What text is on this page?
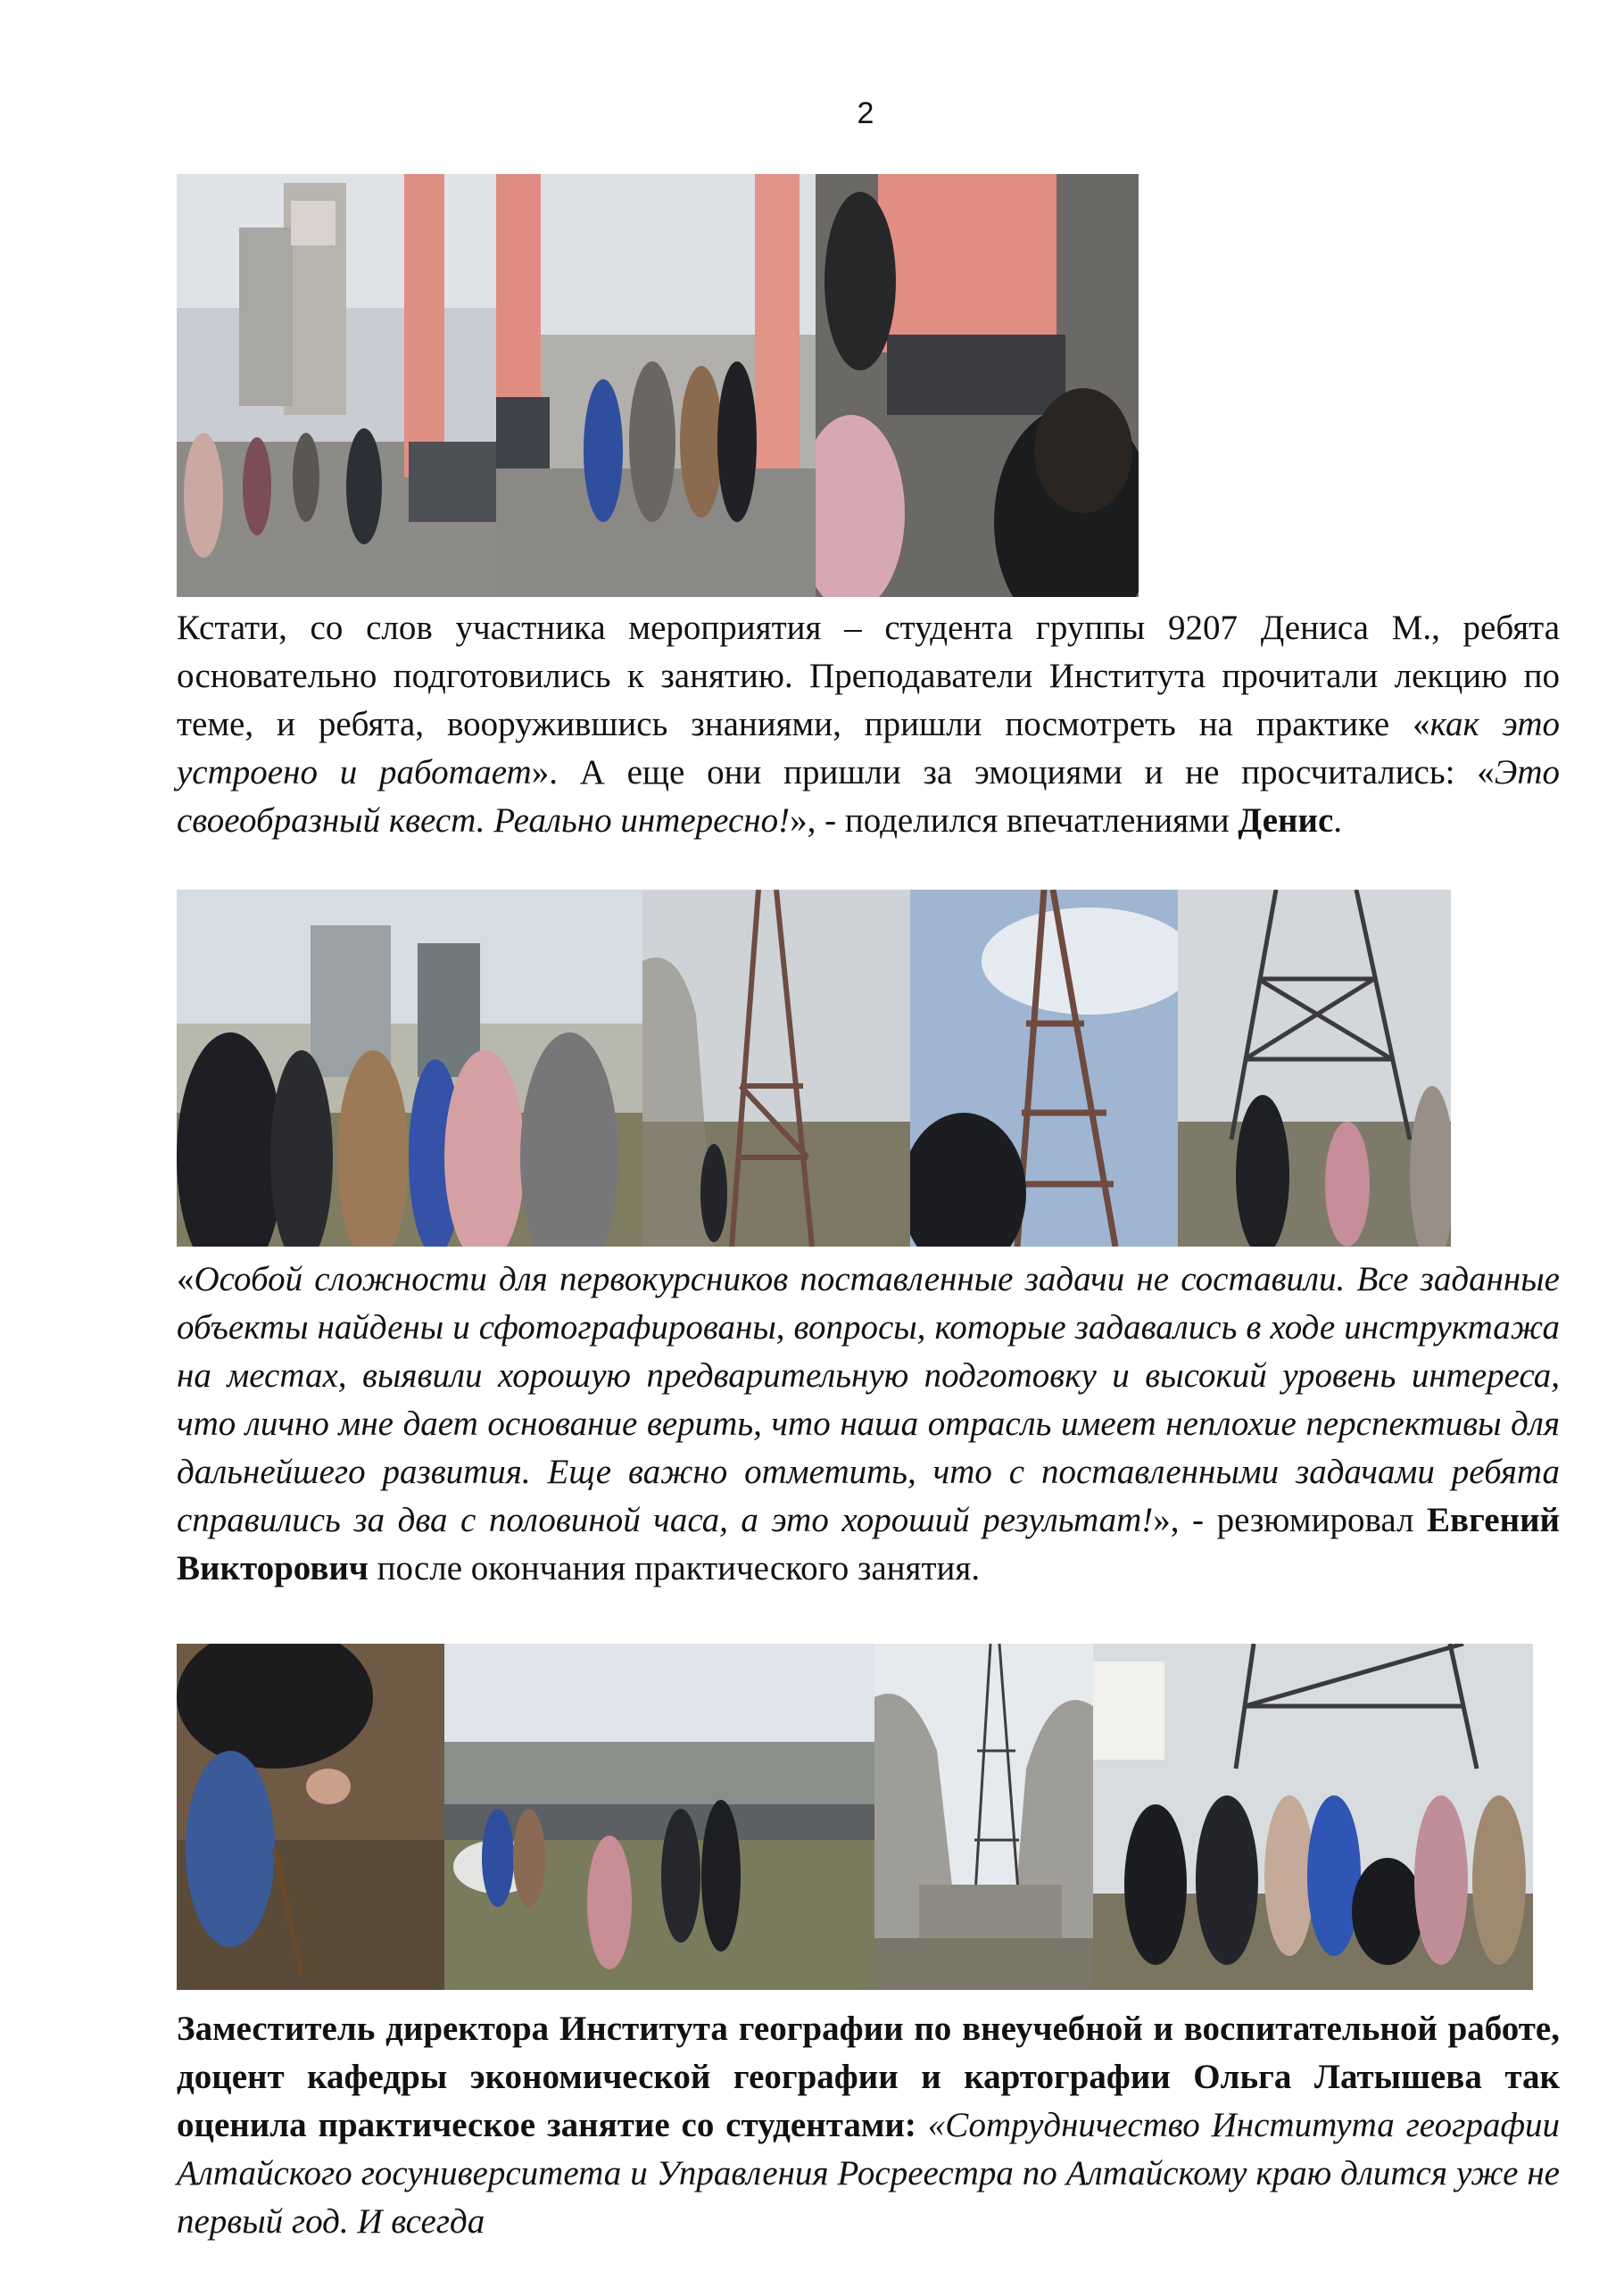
2

Кстати, со слов участника мероприятия – студента группы 9207 Дениса М., ребята основательно подготовились к занятию. Преподаватели Института прочитали лекцию по теме, и ребята, вооружившись знаниями, пришли посмотреть на практике «как это устроено и работает». А еще они пришли за эмоциями и не просчитались: «Это своеобразный квест. Реально интересно!», - поделился впечатлениями Денис.

«Особой сложности для первокурсников поставленные задачи не составили. Все заданные объекты найдены и сфотографированы, вопросы, которые задавались в ходе инструктажа на местах, выявили хорошую предварительную подготовку и высокий уровень интереса, что лично мне дает основание верить, что наша отрасль имеет неплохие перспективы для дальнейшего развития. Еще важно отметить, что с поставленными задачами ребята справились за два с половиной часа, а это хороший результат!», - резюмировал Евгений Викторович после окончания практического занятия.

Заместитель директора Института географии по внеучебной и воспитательной работе, доцент кафедры экономической географии и картографии Ольга Латышева так оценила практическое занятие со студентами: «Сотрудничество Института географии Алтайского госуниверситета и Управления Росреестра по Алтайскому краю длится уже не первый год. И всегда
